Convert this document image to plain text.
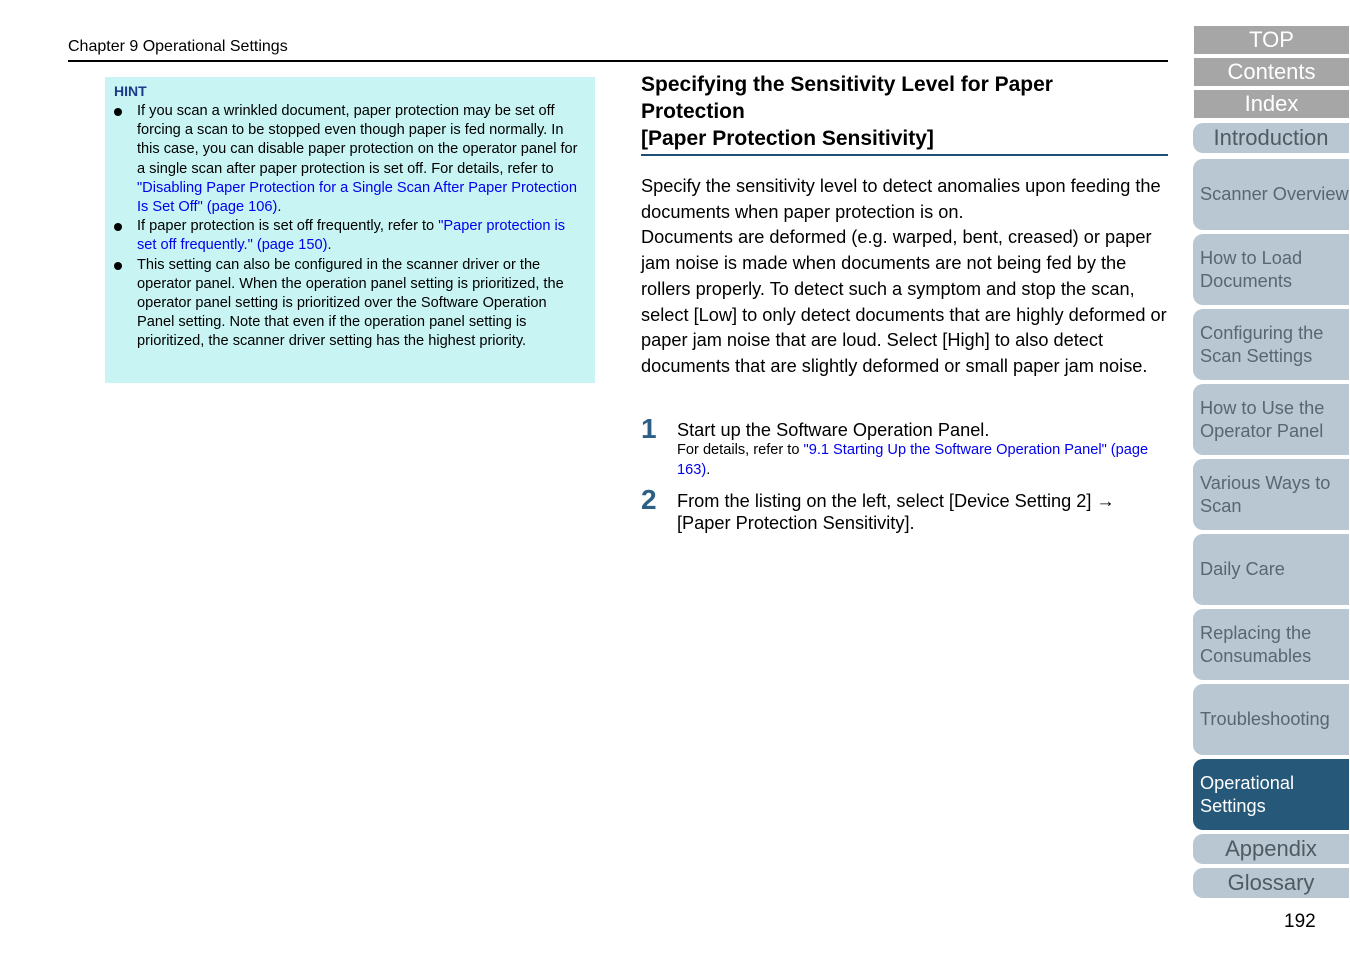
Chapter 9 Operational Settings
HINT
If you scan a wrinkled document, paper protection may be set off forcing a scan to be stopped even though paper is fed normally. In this case, you can disable paper protection on the operator panel for a single scan after paper protection is set off. For details, refer to "Disabling Paper Protection for a Single Scan After Paper Protection Is Set Off" (page 106).
If paper protection is set off frequently, refer to "Paper protection is set off frequently." (page 150).
This setting can also be configured in the scanner driver or the operator panel. When the operation panel setting is prioritized, the operator panel setting is prioritized over the Software Operation Panel setting. Note that even if the operation panel setting is prioritized, the scanner driver setting has the highest priority.
Specifying the Sensitivity Level for Paper
Protection
[Paper Protection Sensitivity]

Specify the sensitivity level to detect anomalies upon feeding the documents when paper protection is on.

Documents are deformed (e.g. warped, bent, creased) or paper jam noise is made when documents are not being fed by the rollers properly. To detect such a symptom and stop the scan, select [Low] to only detect documents that are highly deformed or paper jam noise that are loud. Select [High] to also detect documents that are slightly deformed or small paper jam noise.

1 Start up the Software Operation Panel.
For details, refer to "9.1 Starting Up the Software Operation Panel" (page 163).
2 From the listing on the left, select [Device Setting 2] → [Paper Protection Sensitivity].
TOP
Contents
Index
Introduction
Scanner Overview
How to Load Documents
Configuring the Scan Settings
How to Use the Operator Panel
Various Ways to Scan
Daily Care
Replacing the Consumables
Troubleshooting
Operational Settings
Appendix
Glossary
192
